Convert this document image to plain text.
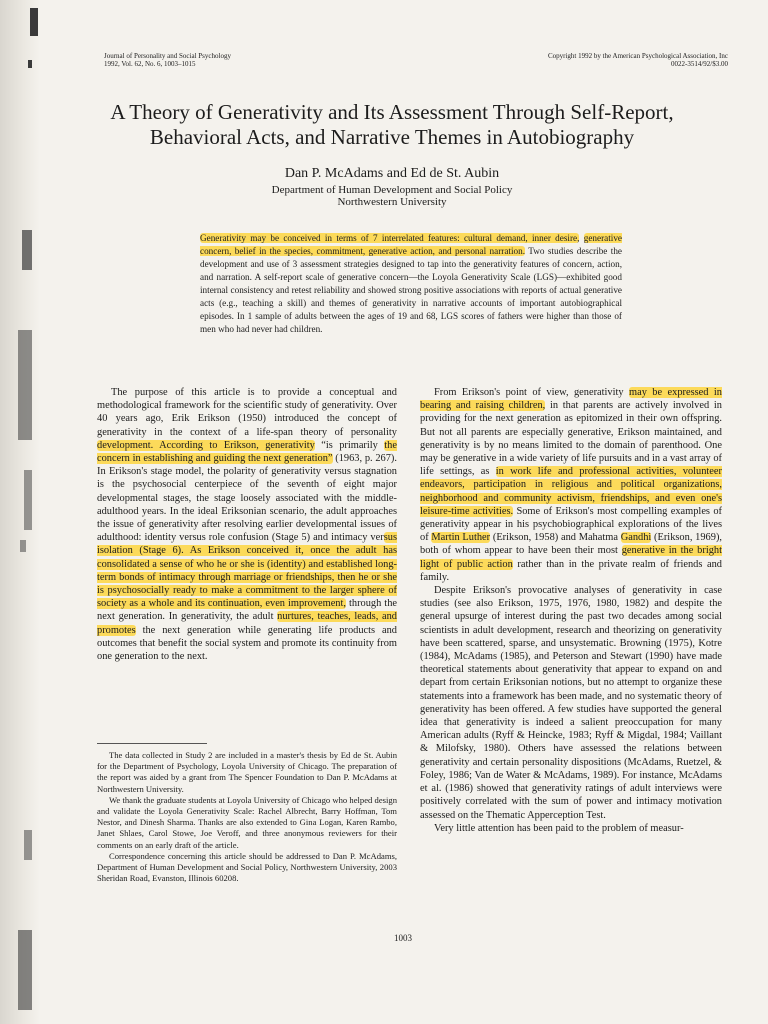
Journal of Personality and Social Psychology
1992, Vol. 62, No. 6, 1003–1015
Copyright 1992 by the American Psychological Association, Inc
0022-3514/92/$3.00
A Theory of Generativity and Its Assessment Through Self-Report,
Behavioral Acts, and Narrative Themes in Autobiography
Dan P. McAdams and Ed de St. Aubin
Department of Human Development and Social Policy
Northwestern University
Generativity may be conceived in terms of 7 interrelated features: cultural demand, inner desire, generative concern, belief in the species, commitment, generative action, and personal narration. Two studies describe the development and use of 3 assessment strategies designed to tap into the generativity features of concern, action, and narration. A self-report scale of generative concern—the Loyola Generativity Scale (LGS)—exhibited good internal consistency and retest reliability and showed strong positive associations with reports of actual generative acts (e.g., teaching a skill) and themes of generativity in narrative accounts of important autobiographical episodes. In 1 sample of adults between the ages of 19 and 68, LGS scores of fathers were higher than those of men who had never had children.

The purpose of this article is to provide a conceptual and methodological framework for the scientific study of generativity. Over 40 years ago, Erik Erikson (1950) introduced the concept of generativity in the context of a life-span theory of personality development. According to Erikson, generativity “is primarily the concern in establishing and guiding the next generation” (1963, p. 267). In Erikson's stage model, the polarity of generativity versus stagnation is the psychosocial centerpiece of the seventh of eight major developmental stages, the stage loosely associated with the middle-adulthood years. In the ideal Eriksonian scenario, the adult approaches the issue of generativity after resolving earlier developmental issues of adulthood: identity versus role confusion (Stage 5) and intimacy versus isolation (Stage 6). As Erikson conceived it, once the adult has consolidated a sense of who he or she is (identity) and established long-term bonds of intimacy through marriage or friendships, then he or she is psychosocially ready to make a commitment to the larger sphere of society as a whole and its continuation, even improvement, through the next generation. In generativity, the adult nurtures, teaches, leads, and promotes the next generation while generating life products and outcomes that benefit the social system and promote its continuity from one generation to the next.

The data collected in Study 2 are included in a master's thesis by Ed de St. Aubin for the Department of Psychology, Loyola University of Chicago. The preparation of the report was aided by a grant from The Spencer Foundation to Dan P. McAdams at Northwestern University.

We thank the graduate students at Loyola University of Chicago who helped design and validate the Loyola Generativity Scale: Rachel Albrecht, Barry Hoffman, Tom Nestor, and Dinesh Sharma. Thanks are also extended to Gina Logan, Karen Rambo, Janet Shlaes, Carol Stowe, Joe Veroff, and three anonymous reviewers for their comments on an early draft of the article.

Correspondence concerning this article should be addressed to Dan P. McAdams, Department of Human Development and Social Policy, Northwestern University, 2003 Sheridan Road, Evanston, Illinois 60208.

From Erikson's point of view, generativity may be expressed in bearing and raising children, in that parents are actively involved in providing for the next generation as epitomized in their own offspring. But not all parents are especially generative, Erikson maintained, and generativity is by no means limited to the domain of parenthood. One may be generative in a wide variety of life pursuits and in a vast array of life settings, as in work life and professional activities, volunteer endeavors, participation in religious and political organizations, neighborhood and community activism, friendships, and even one's leisure-time activities. Some of Erikson's most compelling examples of generativity appear in his psychobiographical explorations of the lives of Martin Luther (Erikson, 1958) and Mahatma Gandhi (Erikson, 1969), both of whom appear to have been their most generative in the bright light of public action rather than in the private realm of friends and family.

Despite Erikson's provocative analyses of generativity in case studies (see also Erikson, 1975, 1976, 1980, 1982) and despite the general upsurge of interest during the past two decades among social scientists in adult development, research and theorizing on generativity have been scattered, sparse, and unsystematic. Browning (1975), Kotre (1984), McAdams (1985), and Peterson and Stewart (1990) have made theoretical statements about generativity that appear to expand on and depart from certain Eriksonian notions, but no attempt to organize these statements into a framework has been made, and no systematic theory of generativity has been offered. A few studies have supported the general idea that generativity is indeed a salient preoccupation for many American adults (Ryff & Heincke, 1983; Ryff & Migdal, 1984; Vaillant & Milofsky, 1980). Others have assessed the relations between generativity and certain personality dispositions (McAdams, Ruetzel, & Foley, 1986; Van de Water & McAdams, 1989). For instance, McAdams et al. (1986) showed that generativity ratings of adult interviews were positively correlated with the sum of power and intimacy motivation assessed on the Thematic Apperception Test.

Very little attention has been paid to the problem of measur-

1003
